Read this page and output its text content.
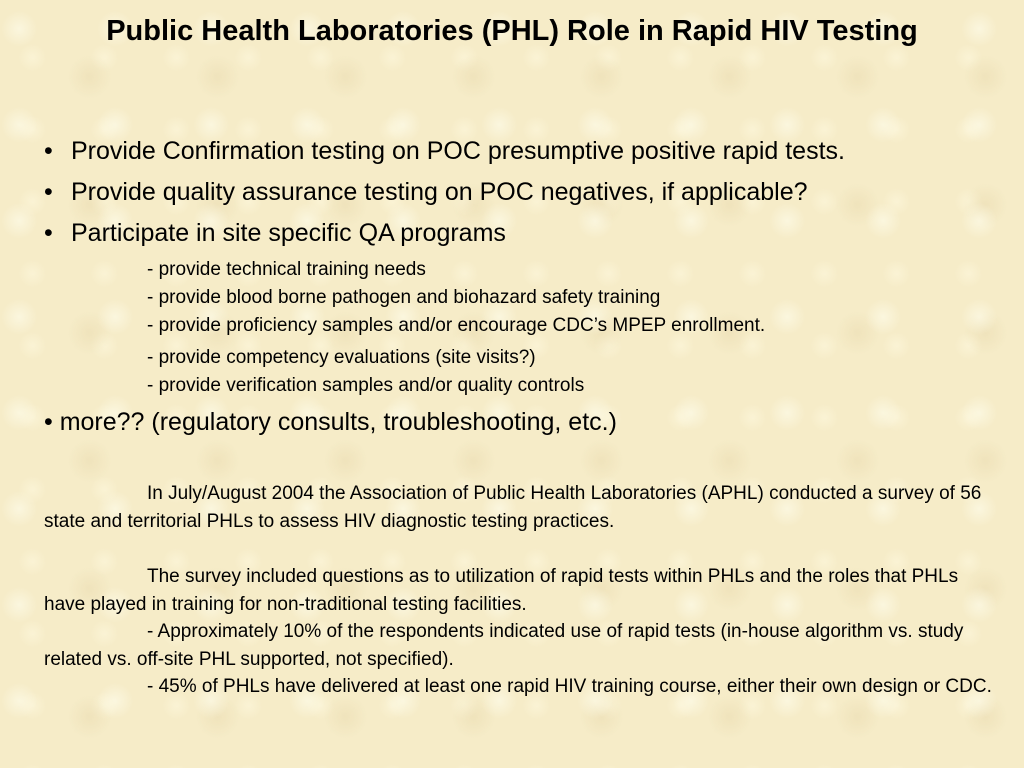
Public Health Laboratories (PHL) Role in Rapid HIV Testing
• Provide Confirmation testing on POC presumptive positive rapid tests.
• Provide quality assurance testing on POC negatives, if applicable?
• Participate in site specific QA programs
- provide technical training needs
- provide blood borne pathogen and biohazard safety training
- provide proficiency samples and/or encourage CDC’s MPEP enrollment.
- provide competency evaluations (site visits?)
- provide verification samples and/or quality controls

• more?? (regulatory consults, troubleshooting, etc.)

In July/August 2004 the Association of Public Health Laboratories (APHL) conducted a survey of 56 state and territorial PHLs to assess HIV diagnostic testing practices.

The survey included questions as to utilization of rapid tests within PHLs and the roles that PHLs have played in training for non-traditional testing facilities.

- Approximately 10% of the respondents indicated use of rapid tests (in-house algorithm vs. study related vs. off-site PHL supported, not specified).

- 45% of PHLs have delivered at least one rapid HIV training course, either their own design or CDC.
